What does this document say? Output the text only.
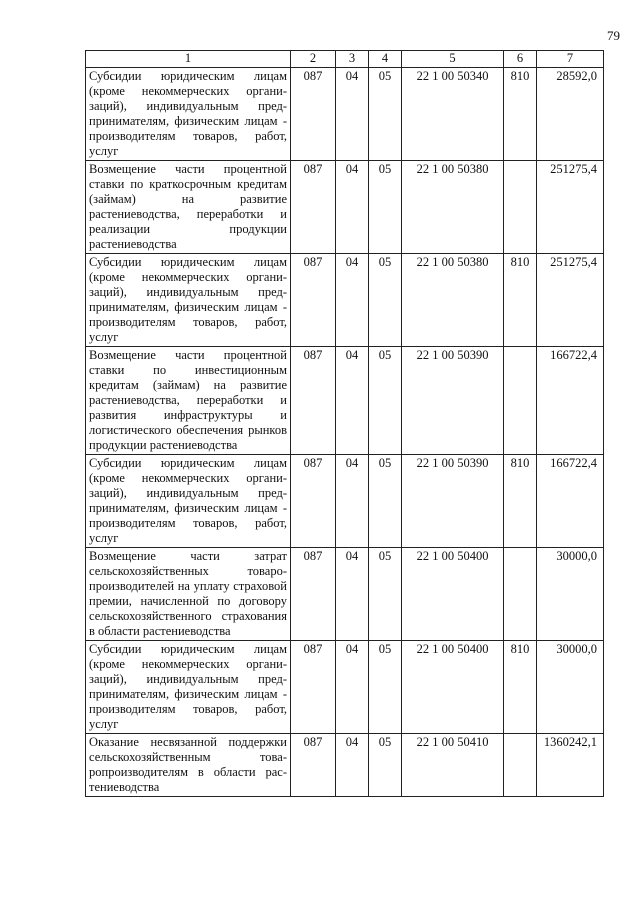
79
1	2	3	4	5	6	7
Субсидии юридическим лицам (кроме некоммерческих организаций), индивидуальным предпринимателям, физическим лицам - производителям товаров, работ, услуг	087	04	05	22 1 00 50340	810	28592,0
Возмещение части процентной ставки по краткосрочным кредитам (займам) на развитие растениеводства, переработки и реализации продукции растениеводства	087	04	05	22 1 00 50380		251275,4
Субсидии юридическим лицам (кроме некоммерческих организаций), индивидуальным предпринимателям, физическим лицам - производителям товаров, работ, услуг	087	04	05	22 1 00 50380	810	251275,4
Возмещение части процентной ставки по инвестиционным кредитам (займам) на развитие растениеводства, переработки и развития инфраструктуры и логистического обеспечения рынков продукции растениеводства	087	04	05	22 1 00 50390		166722,4
Субсидии юридическим лицам (кроме некоммерческих организаций), индивидуальным предпринимателям, физическим лицам - производителям товаров, работ, услуг	087	04	05	22 1 00 50390	810	166722,4
Возмещение части затрат сельскохозяйственных товаропроизводителей на уплату страховой премии, начисленной по договору сельскохозяйственного страхования в области растениеводства	087	04	05	22 1 00 50400		30000,0
Субсидии юридическим лицам (кроме некоммерческих организаций), индивидуальным предпринимателям, физическим лицам - производителям товаров, работ, услуг	087	04	05	22 1 00 50400	810	30000,0
Оказание несвязанной поддержки сельскохозяйственным товаропроизводителям в области растениеводства	087	04	05	22 1 00 50410		1360242,1
